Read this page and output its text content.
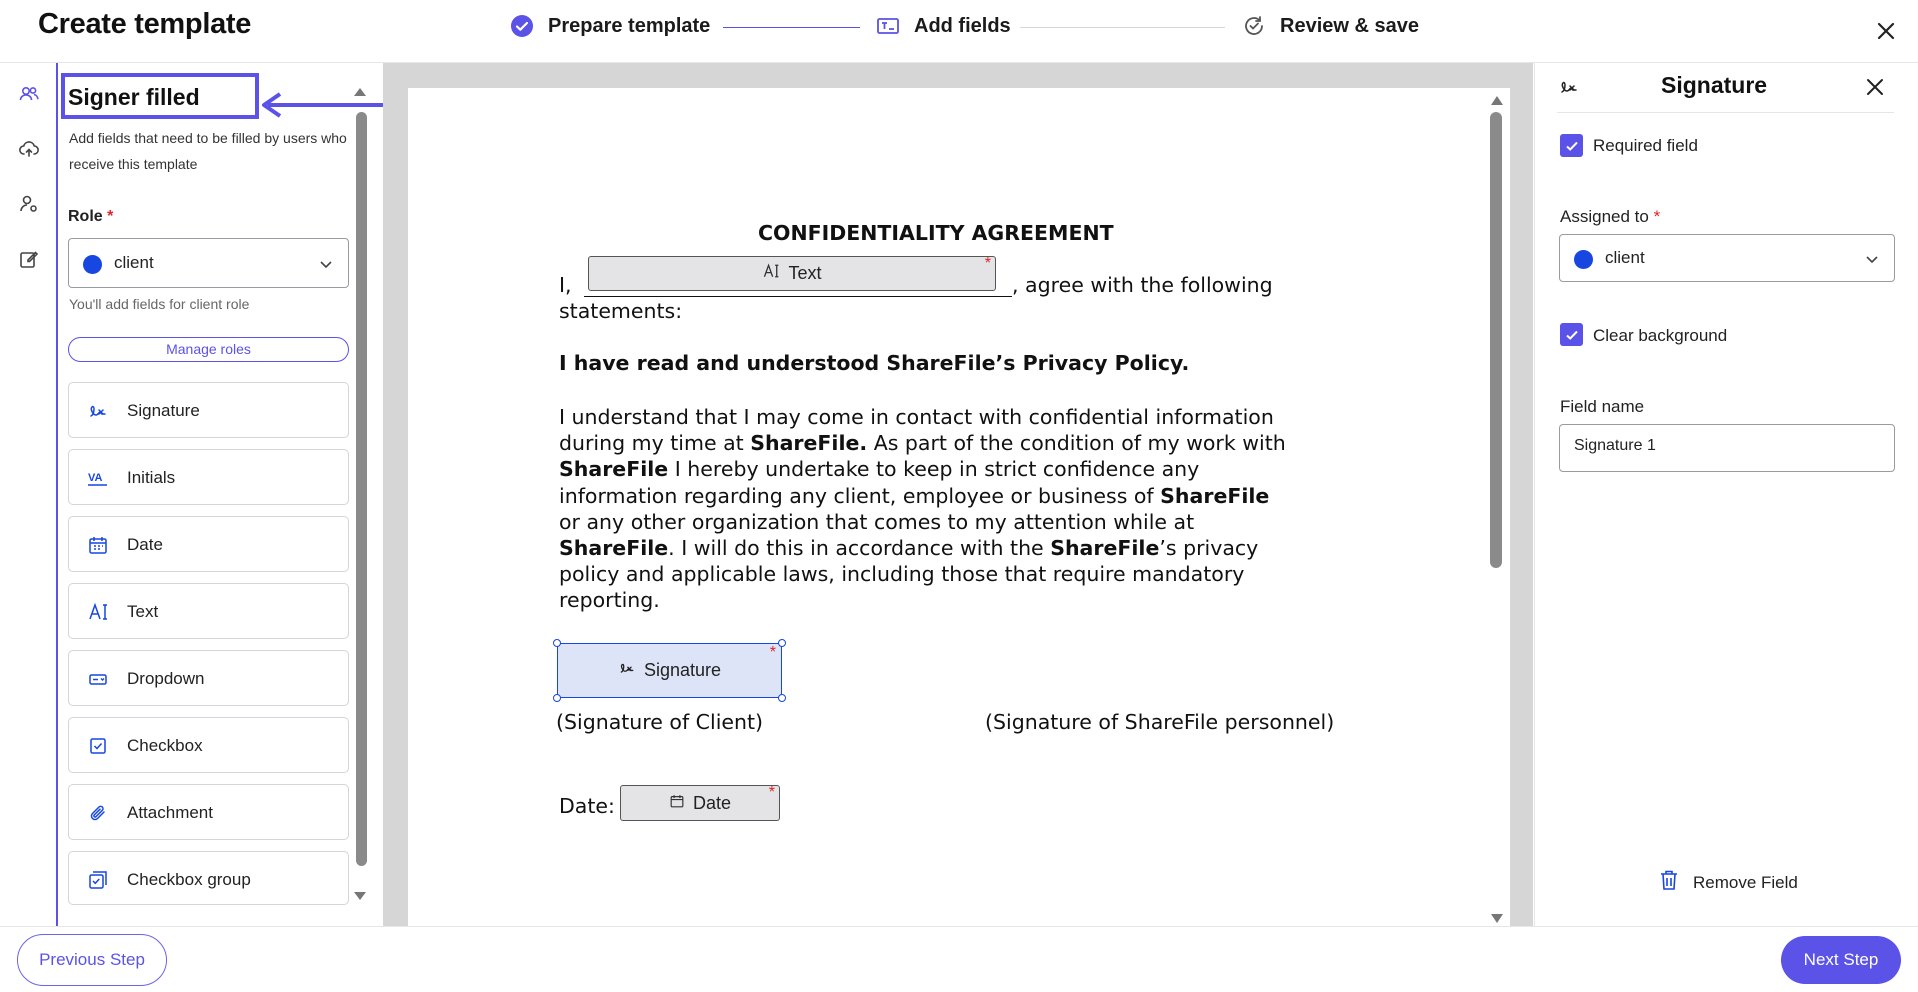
Create template	Prepare template	Add fields	Review & save
Signer filled
Add fields that need to be filled by users who receive this template
Role *
client
You'll add fields for client role
Manage roles
Signature
VA Initials
Date
Text
Dropdown
Checkbox
Attachment
Checkbox group
CONFIDENTIALITY AGREEMENT
I,	, agree with the following
statements:
I have read and understood ShareFile’s Privacy Policy.
I understand that I may come in contact with confidential information
during my time at ShareFile. As part of the condition of my work with
ShareFile I hereby undertake to keep in strict confidence any
information regarding any client, employee or business of ShareFile
or any other organization that comes to my attention while at
ShareFile. I will do this in accordance with the ShareFile’s privacy
policy and applicable laws, including those that require mandatory
reporting.
Text	*
Signature
*
(Signature of Client)	(Signature of ShareFile personnel)
Date:	Date *
Signature
Required field
Assigned to *
client
Clear background
Field name
Signature 1
Remove Field
Previous Step	Next Step
